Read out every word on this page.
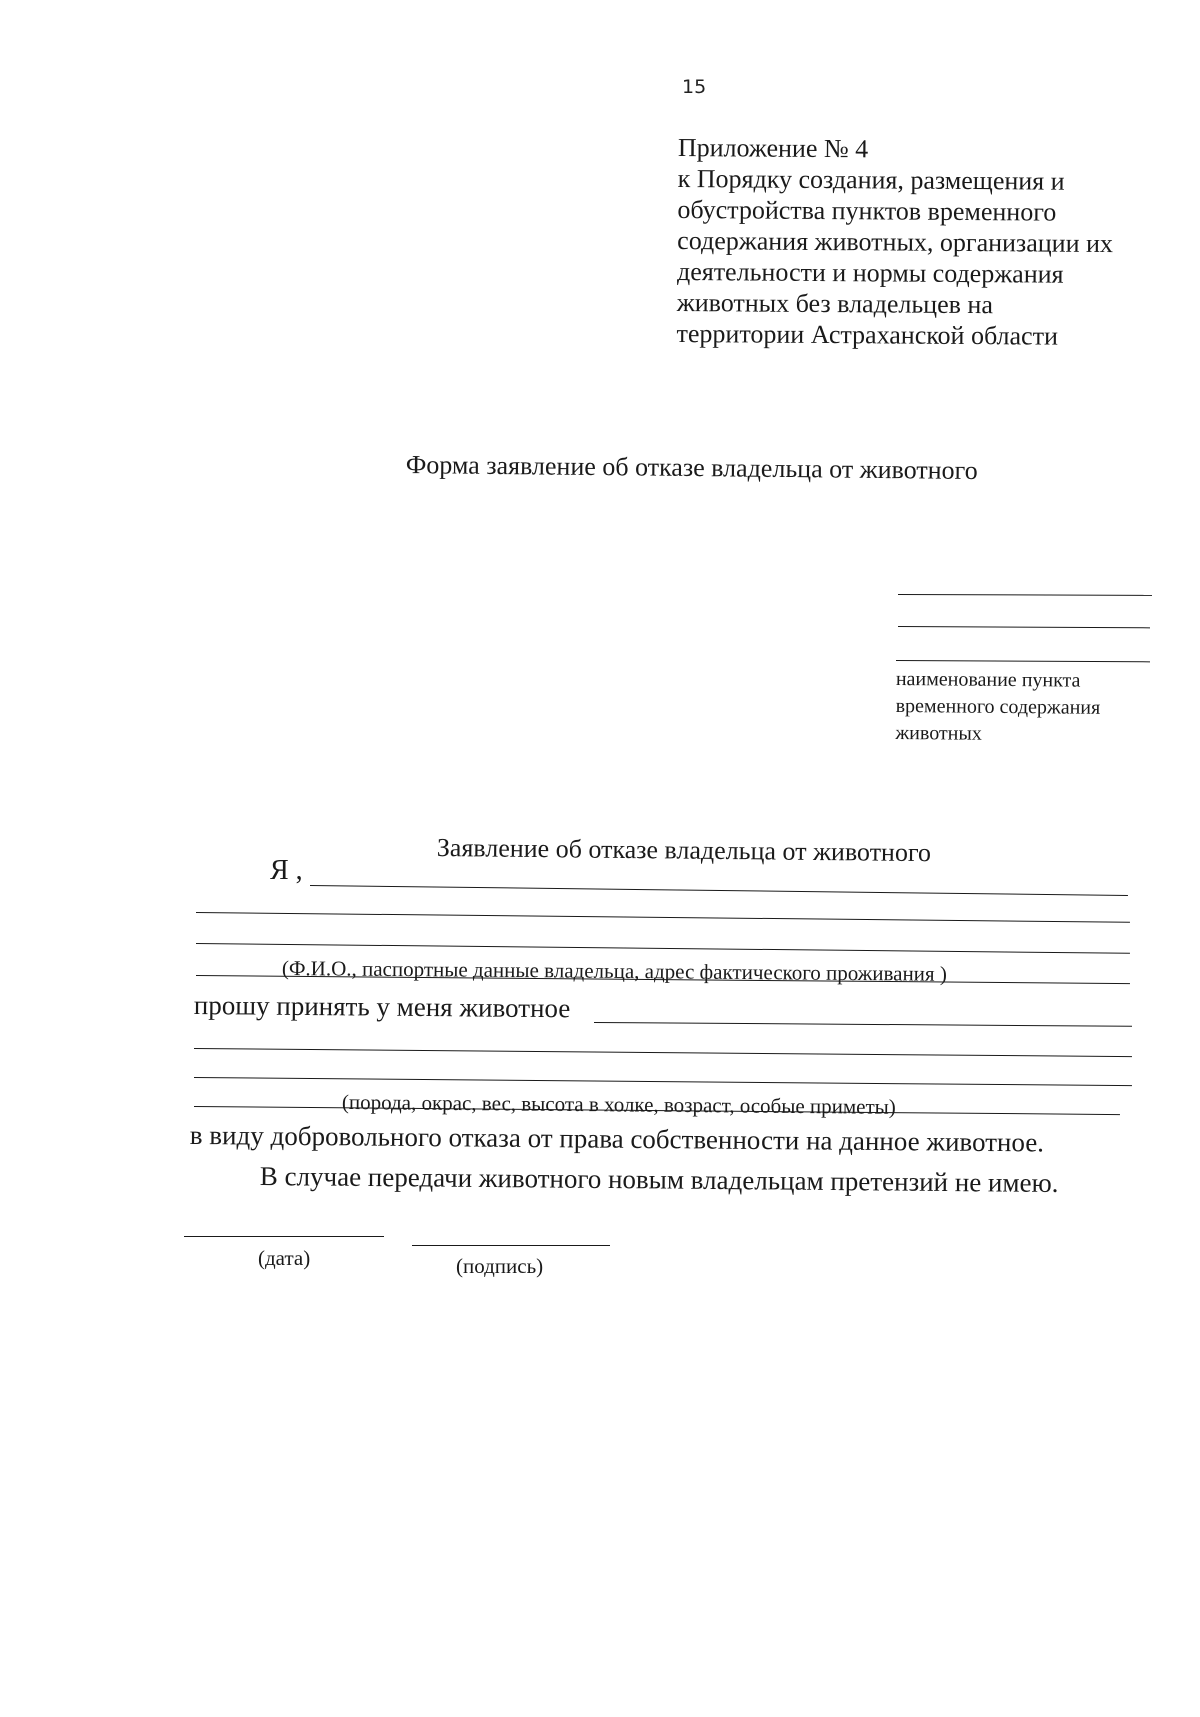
15
Приложение № 4
к Порядку создания, размещения и
обустройства пунктов временного
содержания животных, организации их
деятельности и нормы содержания
животных без владельцев на
территории Астраханской области
Форма заявление об отказе владельца от животного
наименование пункта
временного содержания
животных
Заявление об отказе владельца от животного
Я ,
(Ф.И.О., паспортные данные владельца, адрес фактического проживания )
прошу принять у меня животное
(порода, окрас, вес, высота в холке, возраст, особые приметы)
в виду добровольного отказа от права собственности на данное животное.
В случае передачи животного новым владельцам претензий не имею.
(дата)	(подпись)
